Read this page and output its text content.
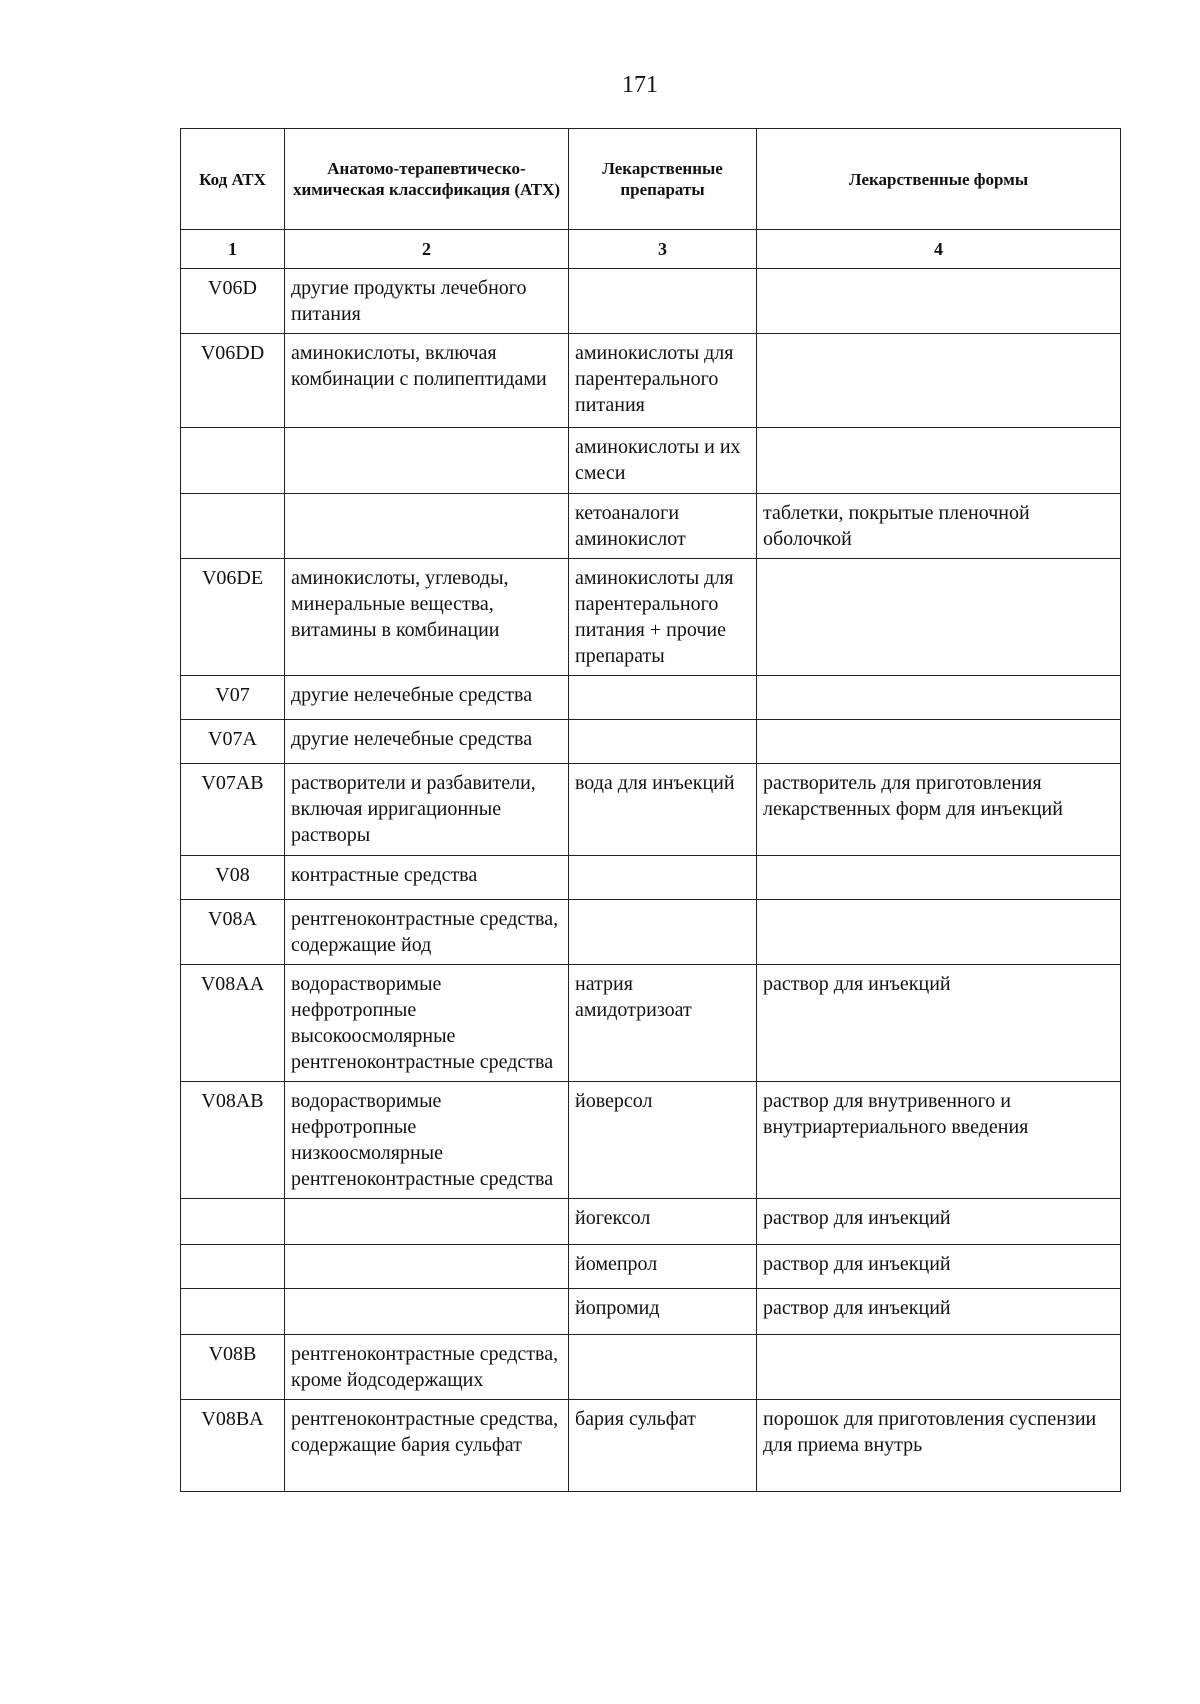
171
Код АТХ	Анатомо-терапевтическо-химическая классификация (АТХ)	Лекарственные препараты	Лекарственные формы
1	2	3	4
V06D	другие продукты лечебного питания		
V06DD	аминокислоты, включая комбинации с полипептидами	аминокислоты для парентерального питания	
		аминокислоты и их смеси	
		кетоаналоги аминокислот	таблетки, покрытые пленочной оболочкой
V06DE	аминокислоты, углеводы, минеральные вещества, витамины в комбинации	аминокислоты для парентерального питания + прочие препараты	
V07	другие нелечебные средства		
V07A	другие нелечебные средства		
V07AB	растворители и разбавители, включая ирригационные растворы	вода для инъекций	растворитель для приготовления лекарственных форм для инъекций
V08	контрастные средства		
V08A	рентгеноконтрастные средства, содержащие йод		
V08AA	водорастворимые нефротропные высокоосмолярные рентгеноконтрастные средства	натрия амидотризоат	раствор для инъекций
V08AB	водорастворимые нефротропные низкоосмолярные рентгеноконтрастные средства	йоверсол	раствор для внутривенного и внутриартериального введения
		йогексол	раствор для инъекций
		йомепрол	раствор для инъекций
		йопромид	раствор для инъекций
V08B	рентгеноконтрастные средства, кроме йодсодержащих		
V08BA	рентгеноконтрастные средства, содержащие бария сульфат	бария сульфат	порошок для приготовления суспензии для приема внутрь
